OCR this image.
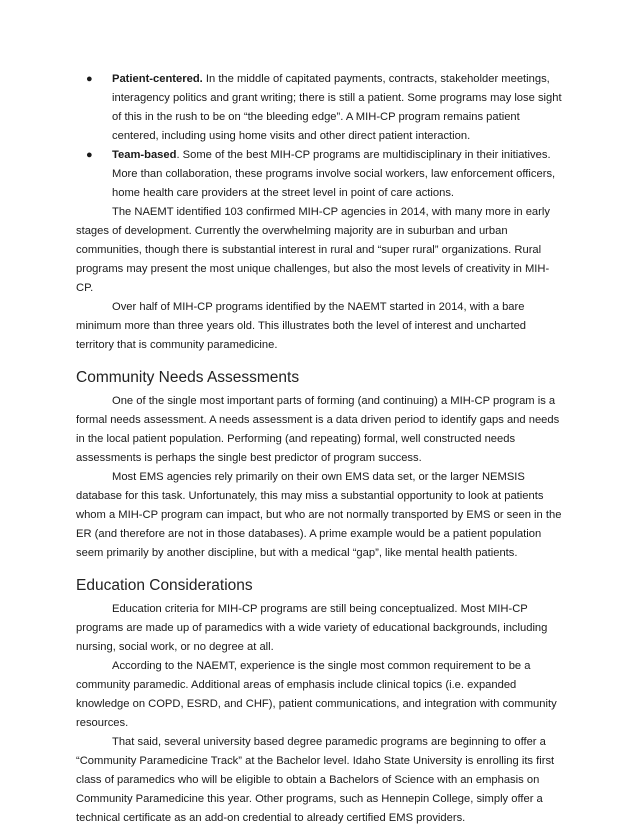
● Patient-centered. In the middle of capitated payments, contracts, stakeholder meetings, interagency politics and grant writing; there is still a patient. Some programs may lose sight of this in the rush to be on “the bleeding edge”. A MIH-CP program remains patient centered, including using home visits and other direct patient interaction.
● Team-based. Some of the best MIH-CP programs are multidisciplinary in their initiatives. More than collaboration, these programs involve social workers, law enforcement officers, home health care providers at the street level in point of care actions.

The NAEMT identified 103 confirmed MIH-CP agencies in 2014, with many more in early stages of development. Currently the overwhelming majority are in suburban and urban communities, though there is substantial interest in rural and “super rural” organizations. Rural programs may present the most unique challenges, but also the most levels of creativity in MIH-CP.

Over half of MIH-CP programs identified by the NAEMT started in 2014, with a bare minimum more than three years old. This illustrates both the level of interest and uncharted territory that is community paramedicine.

Community Needs Assessments

One of the single most important parts of forming (and continuing) a MIH-CP program is a formal needs assessment. A needs assessment is a data driven period to identify gaps and needs in the local patient population. Performing (and repeating) formal, well constructed needs assessments is perhaps the single best predictor of program success.

Most EMS agencies rely primarily on their own EMS data set, or the larger NEMSIS database for this task. Unfortunately, this may miss a substantial opportunity to look at patients whom a MIH-CP program can impact, but who are not normally transported by EMS or seen in the ER (and therefore are not in those databases). A prime example would be a patient population seem primarily by another discipline, but with a medical “gap”, like mental health patients.

Education Considerations

Education criteria for MIH-CP programs are still being conceptualized. Most MIH-CP programs are made up of paramedics with a wide variety of educational backgrounds, including nursing, social work, or no degree at all.

According to the NAEMT, experience is the single most common requirement to be a community paramedic. Additional areas of emphasis include clinical topics (i.e. expanded knowledge on COPD, ESRD, and CHF), patient communications, and integration with community resources.

That said, several university based degree paramedic programs are beginning to offer a “Community Paramedicine Track” at the Bachelor level. Idaho State University is enrolling its first class of paramedics who will be eligible to obtain a Bachelors of Science with an emphasis on Community Paramedicine this year. Other programs, such as Hennepin College, simply offer a technical certificate as an add-on credential to already certified EMS providers.
